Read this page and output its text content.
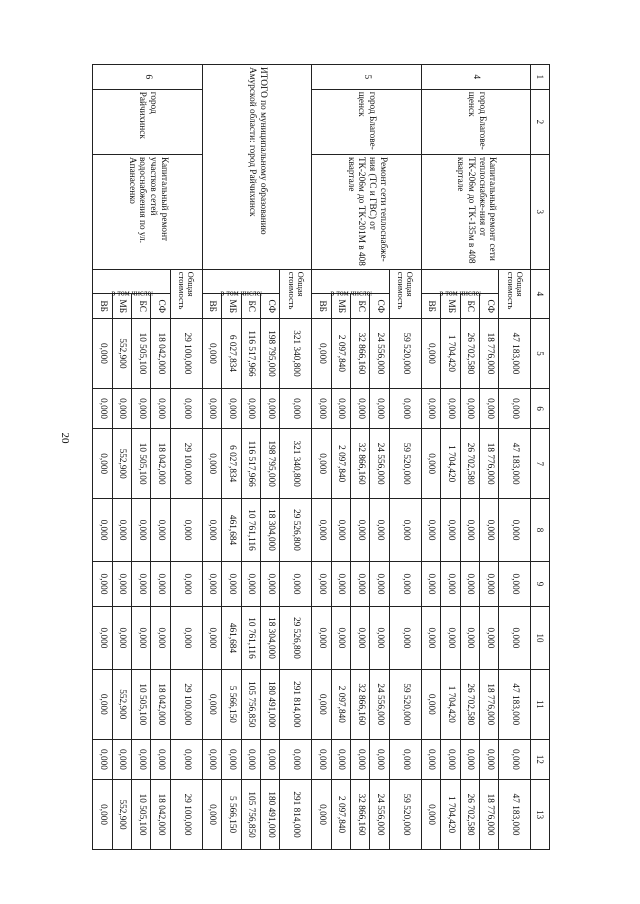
20
1	2	3	4		5	6	7	8	9	10	11	12	13
4	город Благове-щенск	Капитальный ремонт сети теплоснабже-ния от ТК-206м до ТК-135м в 408 квартале	Общая стоимость		47 183,000	0,000	47 183,000	0,000	0,000	0,000	47 183,000	0,000	47 183,000
			в том числе:	СФ	18 776,000	0,000	18 776,000	0,000	0,000	0,000	18 776,000	0,000	18 776,000
				БС	26 702,580	0,000	26 702,580	0,000	0,000	0,000	26 702,580	0,000	26 702,580
				МБ	1 704,420	0,000	1 704,420	0,000	0,000	0,000	1 704,420	0,000	1 704,420
				ВБ	0,000	0,000	0,000	0,000	0,000	0,000	0,000	0,000	0,000
5	город Благове-щенск	Ремонт сети теплоснабже-ния (ТС и ГВС) от ТК-206м до ТК-201М в 408 квартале	Общая стоимость		59 520,000	0,000	59 520,000	0,000	0,000	0,000	59 520,000	0,000	59 520,000
			в том числе:	СФ	24 556,000	0,000	24 556,000	0,000	0,000	0,000	24 556,000	0,000	24 556,000
				БС	32 866,160	0,000	32 866,160	0,000	0,000	0,000	32 866,160	0,000	32 866,160
				МБ	2 097,840	0,000	2 097,840	0,000	0,000	0,000	2 097,840	0,000	2 097,840
				ВБ	0,000	0,000	0,000	0,000	0,000	0,000	0,000	0,000	0,000
ИТОГО по муниципальному образованию Амурской области: город Райчихинск			Общая стоимость		321 340,800	0,000	321 340,800	29 526,800	0,000	29 526,800	291 814,000	0,000	291 814,000
			в том числе:	СФ	198 795,000	0,000	198 795,000	18 304,000	0,000	18 304,000	180 491,000	0,000	180 491,000
				БС	116 517,966	0,000	116 517,966	10 761,116	0,000	10 761,116	105 756,850	0,000	105 756,850
				МБ	6 027,834	0,000	6 027,834	461,684	0,000	461,684	5 566,150	0,000	5 566,150
				ВБ	0,000	0,000	0,000	0,000	0,000	0,000	0,000	0,000	0,000
6	город Райчихинск	Капитальный ремонт участков сетей водоснабжения по ул. Апанасенко	Общая стоимость		29 100,000	0,000	29 100,000	0,000	0,000	0,000	29 100,000	0,000	29 100,000
			в том числе:	СФ	18 042,000	0,000	18 042,000	0,000	0,000	0,000	18 042,000	0,000	18 042,000
				БС	10 505,100	0,000	10 505,100	0,000	0,000	0,000	10 505,100	0,000	10 505,100
				МБ	552,900	0,000	552,900	0,000	0,000	0,000	552,900	0,000	552,900
				ВБ	0,000	0,000	0,000	0,000	0,000	0,000	0,000	0,000	0,000
